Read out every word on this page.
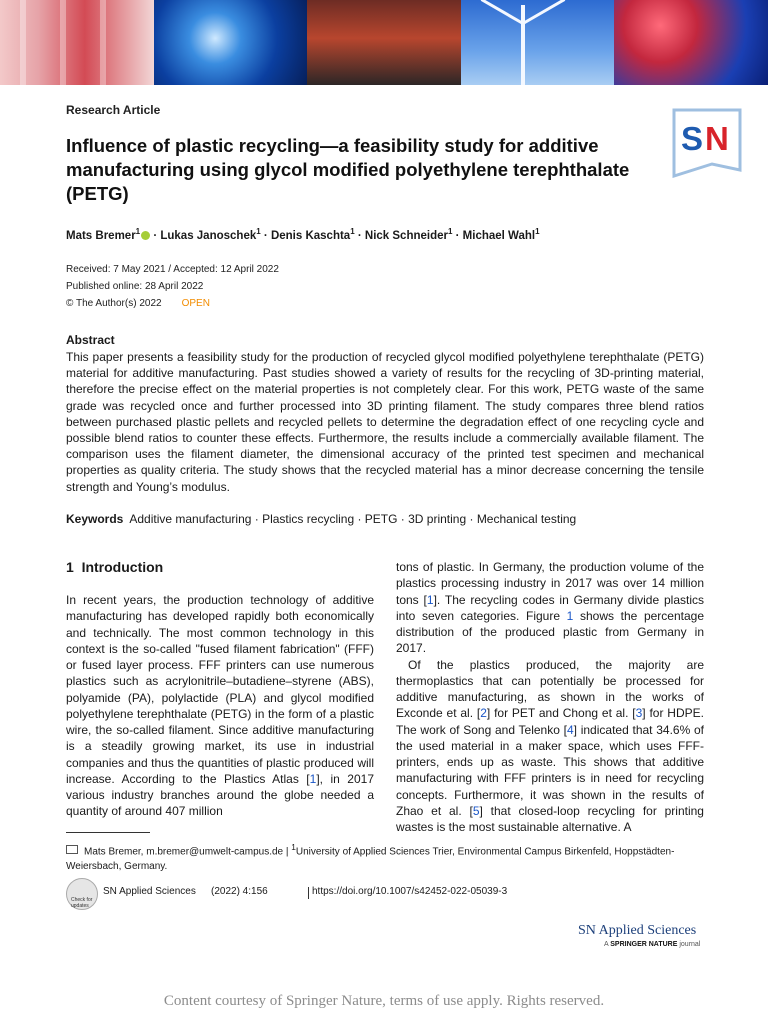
Research Article
Influence of plastic recycling—a feasibility study for additive manufacturing using glycol modified polyethylene terephthalate (PETG)
S N
Mats Bremer$^1$ · Lukas Janoschek$^1$ · Denis Kaschta$^1$ · Nick Schneider$^1$ · Michael Wahl$^1$
Received: 7 May 2021 / Accepted: 12 April 2022
Published online: 28 April 2022
© The Author(s) 2022 OPEN
Abstract
This paper presents a feasibility study for the production of recycled glycol modified polyethylene terephthalate (PETG) material for additive manufacturing. Past studies showed a variety of results for the recycling of 3D-printing material, therefore the precise effect on the material properties is not completely clear. For this work, PETG waste of the same grade was recycled once and further processed into 3D printing filament. The study compares three blend ratios between purchased plastic pellets and recycled pellets to determine the degradation effect of one recycling cycle and possible blend ratios to counter these effects. Furthermore, the results include a commercially available filament. The comparison uses the filament diameter, the dimensional accuracy of the printed test specimen and mechanical properties as quality criteria. The study shows that the recycled material has a minor decrease concerning the tensile strength and Young’s modulus.
Keywords Additive manufacturing · Plastics recycling · PETG · 3D printing · Mechanical testing
1 Introduction

In recent years, the production technology of additive manufacturing has developed rapidly both economically and technically. The most common technology in this context is the so-called "fused filament fabrication" (FFF) or fused layer process. FFF printers can use numerous plastics such as acrylonitrile–butadiene–styrene (ABS), polyamide (PA), polylactide (PLA) and glycol modified polyethylene terephthalate (PETG) in the form of a plastic wire, the so-called filament. Since additive manufacturing is a steadily growing market, its use in industrial companies and thus the quantities of plastic produced will increase. According to the Plastics Atlas [1], in 2017 various industry branches around the globe needed a quantity of around 407 million

tons of plastic. In Germany, the production volume of the plastics processing industry in 2017 was over 14 million tons [1]. The recycling codes in Germany divide plastics into seven categories. Figure 1 shows the percentage distribution of the produced plastic from Germany in 2017.

Of the plastics produced, the majority are thermoplastics that can potentially be processed for additive manufacturing, as shown in the works of Exconde et al. [2] for PET and Chong et al. [3] for HDPE. The work of Song and Telenko [4] indicated that 34.6% of the used material in a maker space, which uses FFF-printers, ends up as waste. This shows that additive manufacturing with FFF printers is in need for recycling concepts. Furthermore, it was shown in the results of Zhao et al. [5] that closed-loop recycling for printing wastes is the most sustainable alternative. A

Mats Bremer, m.bremer@umwelt-campus.de | $^1$University of Applied Sciences Trier, Environmental Campus Birkenfeld, Hoppstädten-Weiersbach, Germany.
Check for updates
SN Applied Sciences (2022) 4:156	https://doi.org/10.1007/s42452-022-05039-3
SN Applied Sciences
A SPRINGER NATURE journal
Content courtesy of Springer Nature, terms of use apply. Rights reserved.
